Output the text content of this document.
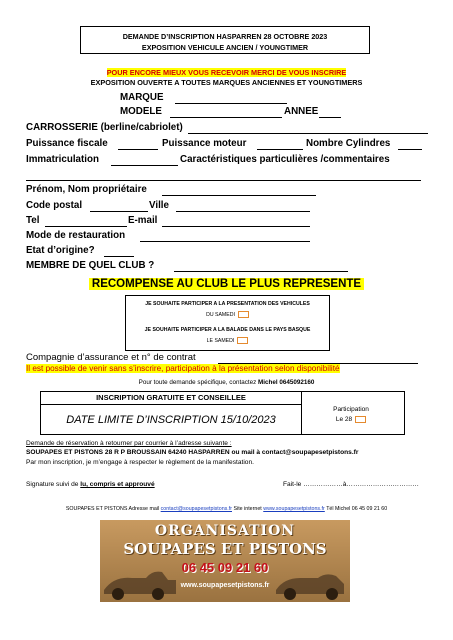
DEMANDE D’INSCRIPTION HASPARREN 28 OCTOBRE 2023
EXPOSITION VEHICULE ANCIEN / YOUNGTIMER
POUR ENCORE MIEUX VOUS RECEVOIR MERCI DE VOUS INSCRIRE
EXPOSITION OUVERTE A TOUTES MARQUES ANCIENNES ET YOUNGTIMERS
MARQUE
MODELE	ANNEE
CARROSSERIE (berline/cabriolet)
Puissance fiscale	Puissance moteur	Nombre Cylindres
Immatriculation	Caractéristiques particulières /commentaires
Prénom, Nom propriétaire
Code postal	Ville
Tel	E-mail
Mode de restauration
Etat d’origine?
MEMBRE DE QUEL CLUB ?
RECOMPENSE AU CLUB LE PLUS REPRESENTE
JE SOUHAITE PARTICIPER A LA PRESENTATION DES VEHICULES
DU SAMEDI
JE SOUHAITE PARTICIPER A LA BALADE DANS LE PAYS BASQUE
LE SAMEDI
Compagnie d’assurance et n° de contrat
Il est possible de venir sans s’inscrire, participation à la présentation selon disponibilité
Pour toute demande spécifique, contactez Michel 0645092160
INSCRIPTION GRATUITE ET CONSEILLEE
DATE LIMITE D’INSCRIPTION 15/10/2023
Participation
Le 28
Demande de réservation à retourner par courrier à l’adresse suivante :
SOUPAPES ET PISTONS 28 R P BROUSSAIN 64240 HASPARREN ou mail à contact@soupapesetpistons.fr
Par mon inscription, je m’engage à respecter le règlement de la manifestation.
Signature suivi de lu, compris et approuvé	Fait-le ………………à……………………………
SOUPAPES ET PISTONS Adresse mail contact@soupapesetpistons.fr Site internet www.soupapesetpistons.fr Tél Michel 06 45 09 21 60
ORGANISATION
SOUPAPES ET PISTONS
06 45 09 21 60
www.soupapesetpistons.fr
